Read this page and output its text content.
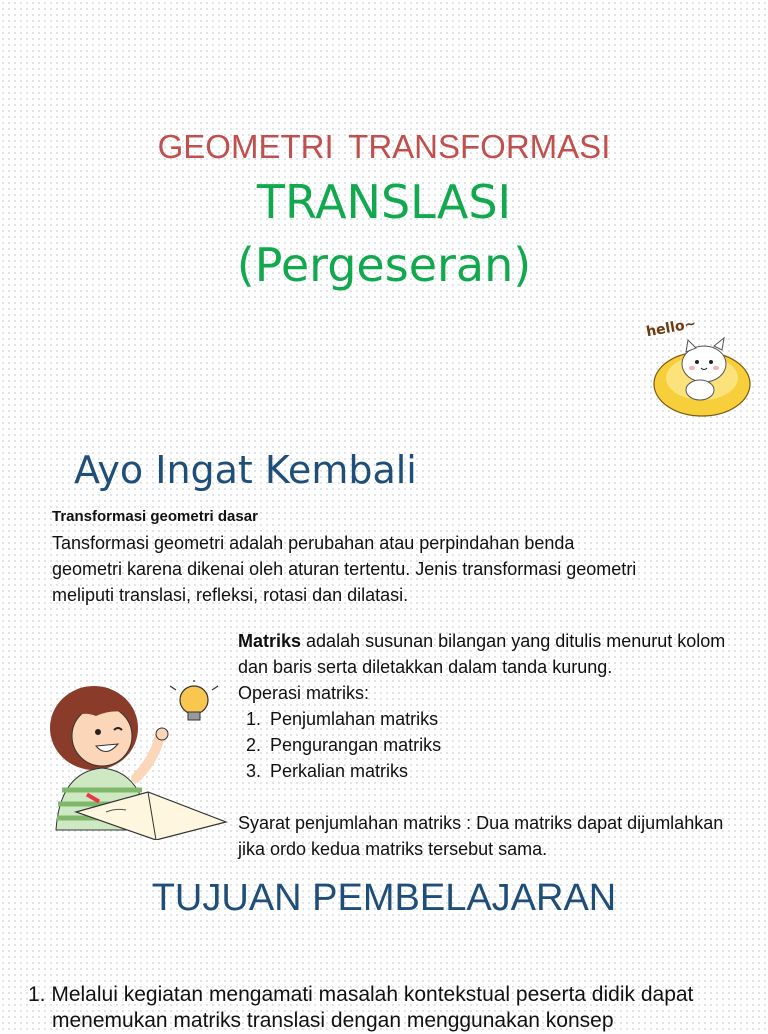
GEOMETRI TRANSFORMASI
TRANSLASI
(Pergeseran)
hello~
Ayo Ingat Kembali
Transformasi geometri dasar
Tansformasi geometri adalah perubahan atau perpindahan benda geometri karena dikenai oleh aturan tertentu. Jenis transformasi geometri meliputi translasi, refleksi, rotasi dan dilatasi.
Matriks adalah susunan bilangan yang ditulis menurut kolom dan baris serta diletakkan dalam tanda kurung.
Operasi matriks:
1. Penjumlahan matriks
2. Pengurangan matriks
3. Perkalian matriks
Syarat penjumlahan matriks : Dua matriks dapat dijumlahkan jika ordo kedua matriks tersebut sama.
TUJUAN PEMBELAJARAN
1. Melalui kegiatan mengamati masalah kontekstual peserta didik dapat menemukan matriks translasi dengan menggunakan konsep
